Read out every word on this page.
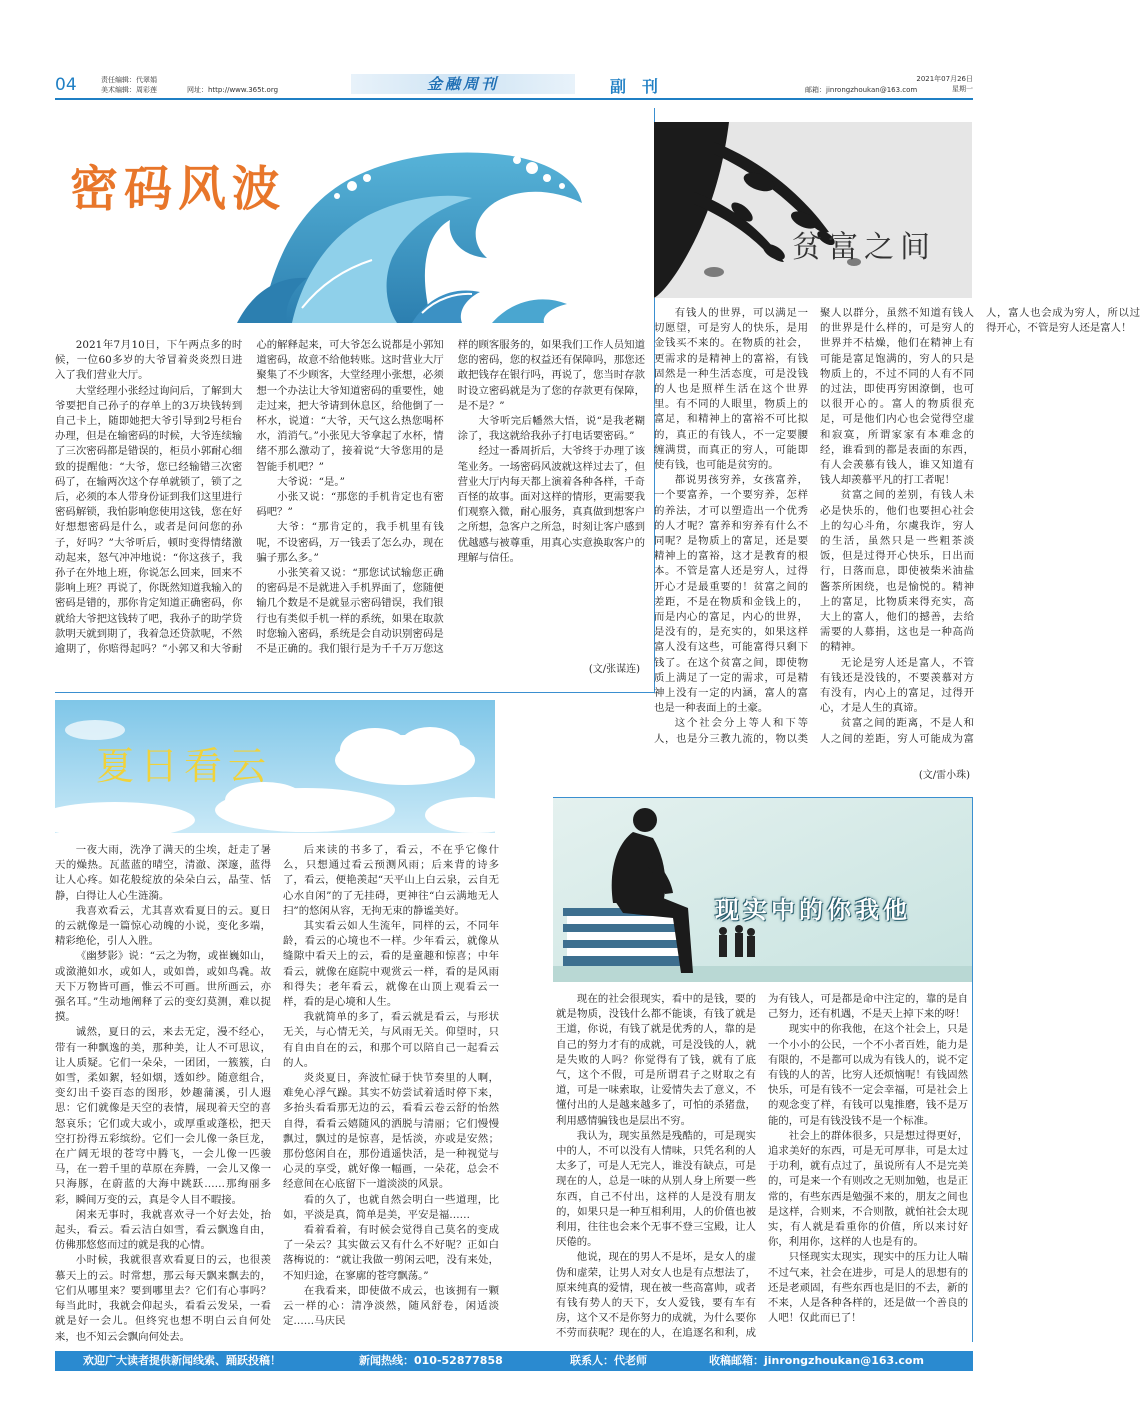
04	责任编辑：代翠娟
美术编辑：周彩莲	网址：http://www.365t.org	金融周刊	副　刊	邮箱：jinrongzhoukan@163.com
2021年07月26日
星期一
密码风波

2021年7月10日，下午两点多的时候，一位60多岁的大爷冒着炎炎烈日进入了我们营业大厅。

大堂经理小张经过询问后，了解到大爷要把自己孙子的存单上的3万块钱转到自己卡上，随即她把大爷引导到2号柜台办理，但是在输密码的时候，大爷连续输了三次密码都是错误的，柜员小郭耐心细致的提醒他：“大爷，您已经输错三次密码了，在输两次这个存单就锁了，锁了之后，必须的本人带身份证到我们这里进行密码解锁，我怕影响您使用这钱，您在好好想想密码是什么，或者是问问您的孙子，好吗？”大爷听后，顿时变得情绪激动起来，怒气冲冲地说：“你这孩子，我孙子在外地上班，你说怎么回来，回来不影响上班？再说了，你既然知道我输入的密码是错的，那你肯定知道正确密码，你就给大爷把这钱转了吧，我孙子的助学贷款明天就到期了，我着急还贷款呢，不然逾期了，你赔得起吗？”小郭又和大爷耐心的解释起来，可大爷怎么说都是小郭知道密码，故意不给他转账。这时营业大厅聚集了不少顾客，大堂经理小张想，必须想一个办法让大爷知道密码的重要性，她走过来，把大爷请到休息区，给他倒了一杯水，说道：“大爷，天气这么热您喝杯水，消消气。”小张见大爷拿起了水杯，情绪不那么激动了，接着说“大爷您用的是智能手机吧？”

大爷说：“是。”

小张又说：“那您的手机肯定也有密码吧？”

大爷：“那肯定的，我手机里有钱呢，不设密码，万一钱丢了怎么办，现在骗子那么多。”

小张笑着又说：“那您试试输您正确的密码是不是就进入手机界面了，您随便输几个数是不是就显示密码错误，我们银行也有类似手机一样的系统，如果在取款时您输入密码，系统是会自动识别密码是不是正确的。我们银行是为千千万万您这样的顾客服务的，如果我们工作人员知道您的密码，您的权益还有保障吗，那您还敢把钱存在银行吗，再说了，您当时存款时设立密码就是为了您的存款更有保障，是不是？”

大爷听完后幡然大悟，说“是我老糊涂了，我这就给我孙子打电话要密码。”

经过一番周折后，大爷终于办理了该笔业务。一场密码风波就这样过去了，但营业大厅内每天都上演着各种各样，千奇百怪的故事。面对这样的情形，更需要我们观察入微，耐心服务，真真做到想客户之所想，急客户之所急，时刻让客户感到优越感与被尊重，用真心实意换取客户的理解与信任。

(文/张谋连)
贫富之间

有钱人的世界，可以满足一切愿望，可是穷人的快乐，是用金钱买不来的。在物质的社会，更需求的是精神上的富裕，有钱固然是一种生活态度，可是没钱的人也是照样生活在这个世界里。有不同的人眼里，物质上的富足，和精神上的富裕不可比拟的，真正的有钱人，不一定要腰缠满贯，而真正的穷人，可能即使有钱，也可能是贫穷的。

都说男孩穷养，女孩富养，一个要富养，一个要穷养，怎样的养法，才可以塑造出一个优秀的人才呢？富养和穷养有什么不同呢？是物质上的富足，还是要精神上的富裕，这才是教育的根本。不管是富人还是穷人，过得开心才是最重要的！贫富之间的差距，不是在物质和金钱上的，而是内心的富足，内心的世界，是没有的，是充实的，如果这样富人没有这些，可能富得只剩下钱了。在这个贫富之间，即使物质上满足了一定的需求，可是精神上没有一定的内涵，富人的富也是一种表面上的土豪。

这个社会分上等人和下等人，也是分三教九流的，物以类聚人以群分，虽然不知道有钱人的世界是什么样的，可是穷人的世界并不枯燥，他们在精神上有可能是富足饱满的，穷人的只是物质上的，不过不同的人有不同的过法，即使再穷困潦倒，也可以很开心的。富人的物质很充足，可是他们内心也会觉得空虚和寂寞，所谓家家有本难念的经，谁看到的都是表面的东西，有人会羡慕有钱人，谁又知道有钱人却羡慕平凡的打工者呢！

贫富之间的差别，有钱人未必是快乐的，他们也要担心社会上的勾心斗角，尔虞我诈，穷人的生活，虽然只是一些粗茶淡饭，但是过得开心快乐，日出而行，日落而息，即使被柴米油盐酱茶所困绕，也是愉悦的。精神上的富足，比物质来得充实，高大上的富人，他们的撼善，去给需要的人募捐，这也是一种高尚的精神。

无论是穷人还是富人，不管有钱还是没钱的，不要羡慕对方有没有，内心上的富足，过得开心，才是人生的真谛。

贫富之间的距离，不是人和人之间的差距，穷人可能成为富人，富人也会成为穷人，所以过得开心，不管是穷人还是富人！

(文/雷小珠)
夏日看云

一夜大雨，洗净了满天的尘埃，赶走了暑天的燥热。瓦蓝蓝的晴空，清澈、深邃，蓝得让人心疼。如花般绽放的朵朵白云，晶莹、恬静，白得让人心生涟漪。

我喜欢看云，尤其喜欢看夏日的云。夏日的云就像是一篇惊心动魄的小说，变化多端，精彩绝伦，引人入胜。

《幽梦影》说：“云之为物，或崔巍如山，或潋滟如水，或如人，或如兽，或如鸟毳。故天下万物皆可画，惟云不可画。世所画云，亦强名耳。”生动地阐释了云的变幻莫测，难以捉摸。

诚然，夏日的云，来去无定，漫不经心，带有一种飘逸的美，那种美，让人不可思议，让人质疑。它们一朵朵，一团团，一簇簇，白如雪，柔如絮，轻如烟，透如纱。随意组合，变幻出千姿百态的图形，妙趣蒲溪，引人遐思：它们就像是天空的表情，展现着天空的喜怒哀乐；它们或大或小，或厚重或蓬松，把天空打扮得五彩缤纷。它们一会儿像一条巨龙，在广阔无垠的苍穹中腾飞，一会儿像一匹骏马，在一碧千里的草原在奔腾，一会儿又像一只海豚，在蔚蓝的大海中跳跃……那绚丽多彩，瞬间万变的云，真是令人目不暇接。

闲来无事时，我就喜欢寻一个好去处，抬起头，看云。看云洁白如雪，看云飘逸自由，仿佛那悠悠而过的就是我的心情。

小时候，我就很喜欢看夏日的云，也很羡慕天上的云。时常想，那云每天飘来飘去的，它们从哪里来？要到哪里去？它们有心事吗？每当此时，我就会仰起头，看看云发呆，一看就是好一会儿。但终究也想不明白云自何处来，也不知云会飘向何处去。

后来读的书多了，看云，不在乎它像什么，只想通过看云预测风雨；后来背的诗多了，看云，便艳羡起“天平山上白云泉，云自无心水自闲”的了无挂碍，更神往“白云满地无人扫”的悠闲从容，无拘无束的静谧美好。

其实看云如人生流年，同样的云，不同年龄，看云的心境也不一样。少年看云，就像从缝隙中看天上的云，看的是童趣和惊喜；中年看云，就像在庭院中观赏云一样，看的是风雨和得失；老年看云，就像在山顶上观看云一样，看的是心境和人生。

我就简单的多了，看云就是看云，与形状无关，与心情无关，与风雨无关。仰望时，只有自由自在的云，和那个可以陪自己一起看云的人。

炎炎夏日，奔波忙碌于快节奏里的人啊，难免心浮气躁。其实不妨尝试着适时停下来，多抬头看看那无边的云，看看云卷云舒的怡然自得，看看云嬉随风的洒脱与清丽；它们慢慢飘过，飘过的是惊喜，是恬淡，亦或是安然；那份悠闲自在，那份逍遥快活，是一种视觉与心灵的享受，就好像一幅画，一朵花，总会不经意间在心底留下一道淡淡的风景。

看的久了，也就自然会明白一些道理，比如，平淡是真，简单是美，平安是福……

看着看着，有时候会觉得自己莫名的变成了一朵云？其实做云又有什么不好呢？正如白落梅说的：“就让我做一剪闲云吧，没有来处，不知归途，在寥廓的苍穹飘荡。”

在我看来，即使做不成云，也该拥有一颗云一样的心：清净淡然，随风舒卷，闲适淡定……马庆民

现实中的你我他

现在的社会很现实，看中的是钱，要的就是物质，没钱什么都不能谈，有钱了就是王道，你说，有钱了就是优秀的人，靠的是自己的努力才有的成就，可是没钱的人，就是失败的人吗？你觉得有了钱，就有了底气，这个不假，可是所谓君子之财取之有道，可是一味索取，让爱情失去了意义，不懂付出的人是越来越多了，可怕的杀猪盘，利用感情骗钱也是层出不穷。

我认为，现实虽然是残酷的，可是现实中的人，不可以没有人情味，只凭名利的人太多了，可是人无完人，谁没有缺点，可是现在的人，总是一味的从别人身上所要一些东西，自己不付出，这样的人是没有朋友的，如果只是一种互相利用，人的价值也被利用，往往也会来个无事不登三宝殿，让人厌倦的。

他说，现在的男人不是坏，是女人的虚伪和虚荣，让男人对女人也是有点想法了，原来纯真的爱情，现在被一些高富帅，或者有钱有势人的天下，女人爱钱，要有车有房，这个又不是你努力的成就，为什么要你不劳而获呢？现在的人，在追逐名和利，成为有钱人，可是都是命中注定的，靠的是自己努力，还有机遇，不是天上掉下来的呀！

现实中的你我他，在这个社会上，只是一个小小的公民，一个不小者百姓，能力是有限的，不是都可以成为有钱人的，说不定有钱的人的苦，比穷人还烦恼呢！有钱固然快乐，可是有钱不一定会幸福，可是社会上的观念变了样，有钱可以鬼推磨，钱不是万能的，可是有钱没钱不是一个标准。

社会上的群体很多，只是想过得更好，追求美好的东西，可是无可厚非，可是太过于功利，就有点过了，虽说所有人不是完美的，可是来一个有则改之无则加勉，也是正常的，有些东西是勉强不来的，朋友之间也是这样，合则来，不合则散，就怕社会太现实，有人就是看重你的价值，所以来讨好你，利用你，这样的人也是有的。

只怪现实太现实，现实中的压力让人喘不过气来，社会在进步，可是人的思想有的还是老顽固，有些东西也是旧的不去，新的不来，人是各种各样的，还是做一个善良的人吧！仅此而已了！

欢迎广大读者提供新闻线索、踊跃投稿！	新闻热线：010-52877858	联系人：代老师	收稿邮箱：jinrongzhoukan@163.com
